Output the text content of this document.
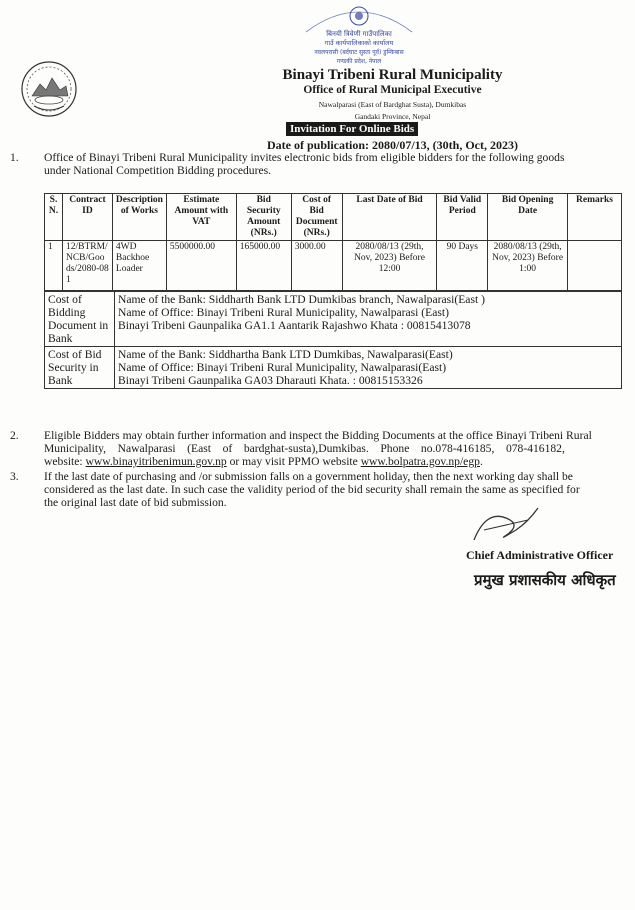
बिनयी त्रिवेणी गाउँपालिका
गाउँ कार्यपालिकाको कार्यालय
नवलपरासी (बर्दघाट सुस्ता पूर्व) डुम्किबास
गण्डकी प्रदेश, नेपाल
Binayi Tribeni Rural Municipality
Office of Rural Municipal Executive
Nawalparasi (East of Bardghat Susta), Dumkibas
Gandaki Province, Nepal
Invitation For Online Bids
Date of publication: 2080/07/13, (30th, Oct, 2023)
1. Office of Binayi Tribeni Rural Municipality invites electronic bids from eligible bidders for the following goods
under National Competition Bidding procedures.
S. N.	Contract ID	Description of Works	Estimate Amount with VAT	Bid Security Amount (NRs.)	Cost of Bid Document (NRs.)	Last Date of Bid	Bid Valid Period	Bid Opening Date	Remarks
1	12/BTRM/NCB/Goods/2080-081	4WD Backhoe Loader	5500000.00	165000.00	3000.00	2080/08/13 (29th, Nov, 2023) Before 12:00	90 Days	2080/08/13 (29th, Nov, 2023) Before 1:00	
Cost of Bidding Document in Bank	Name of the Bank: Siddharth Bank LTD Dumkibas branch, Nawalparasi(East )
Name of Office: Binayi Tribeni Rural Municipality, Nawalparasi (East)
Binayi Tribeni Gaunpalika GA1.1 Aantarik Rajashwo Khata : 00815413078

Cost of Bid Security in Bank	Name of the Bank: Siddhartha Bank LTD Dumkibas, Nawalparasi(East)
Name of Office: Binayi Tribeni Rural Municipality, Nawalparasi(East)
Binayi Tribeni Gaunpalika GA03 Dharauti Khata. : 00815153326
2. Eligible Bidders may obtain further information and inspect the Bidding Documents at the office Binayi Tribeni Rural
Municipality,    Nawalparasi    (East    of    bardghat-susta),Dumkibas.    Phone    no.078-416185,    078-416182,
website: www.binayitribenimun.gov.np or may visit PPMO website www.bolpatra.gov.np/egp.
3. If the last date of purchasing and /or submission falls on a government holiday, then the next working day shall be
considered as the last date. In such case the validity period of the bid security shall remain the same as specified for
the original last date of bid submission.
Chief Administrative Officer
प्रमुख प्रशासकीय अधिकृत
